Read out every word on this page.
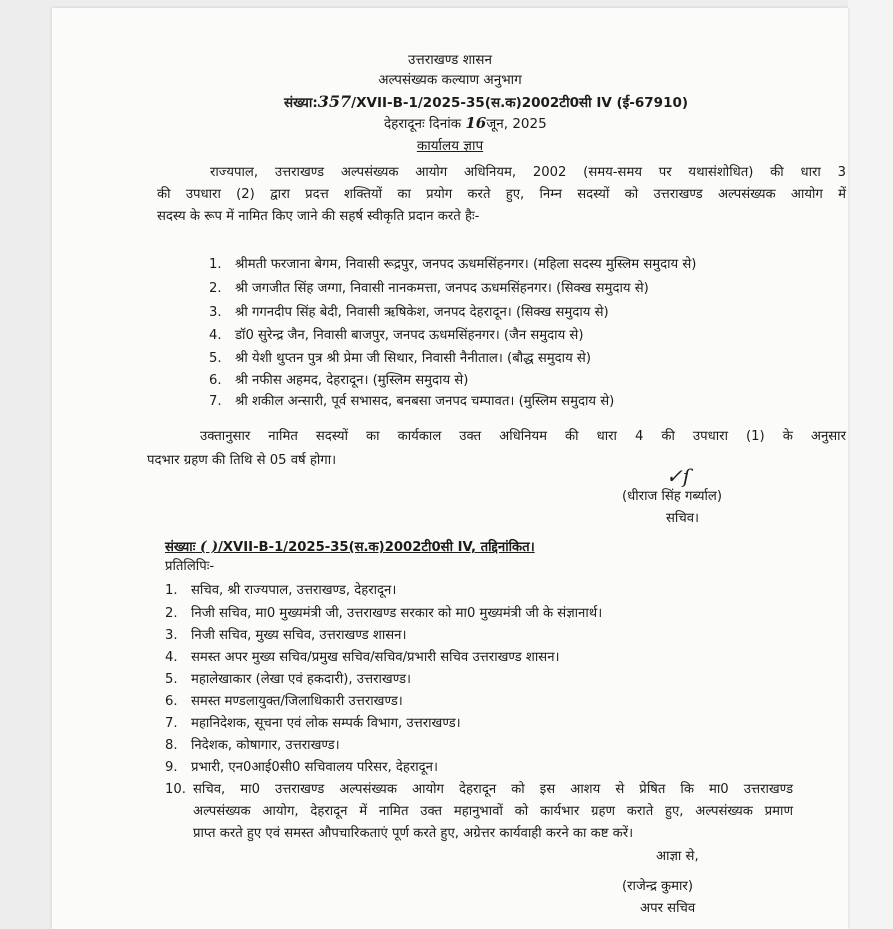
उत्तराखण्ड शासन
अल्पसंख्यक कल्याण अनुभाग
संख्या:357/XVII-B-1/2025-35(स.क)2002टी0सी IV (ई-67910)
देहरादूनः दिनांक 16जून, 2025
कार्यालय ज्ञाप
राज्यपाल, उत्तराखण्ड अल्पसंख्यक आयोग अधिनियम, 2002 (समय-समय पर यथासंशोधित) की धारा 3
की उपधारा (2) द्वारा प्रदत्त शक्तियों का प्रयोग करते हुए, निम्न सदस्यों को उत्तराखण्ड अल्पसंख्यक आयोग में
सदस्य के रूप में नामित किए जाने की सहर्ष स्वीकृति प्रदान करते हैः-
1. श्रीमती फरजाना बेगम, निवासी रूद्रपुर, जनपद ऊधमसिंहनगर। (महिला सदस्य मुस्लिम समुदाय से)
2. श्री जगजीत सिंह जग्गा, निवासी नानकमत्ता, जनपद ऊधमसिंहनगर। (सिक्ख समुदाय से)
3. श्री गगनदीप सिंह बेदी, निवासी ऋषिकेश, जनपद देहरादून। (सिक्ख समुदाय से)
4. डॉ0 सुरेन्द्र जैन, निवासी बाजपुर, जनपद ऊधमसिंहनगर। (जैन समुदाय से)
5. श्री येशी थुप्तन पुत्र श्री प्रेमा जी सिथार, निवासी नैनीताल। (बौद्ध समुदाय से)
6. श्री नफीस अहमद, देहरादून। (मुस्लिम समुदाय से)
7. श्री शकील अन्सारी, पूर्व सभासद, बनबसा जनपद चम्पावत। (मुस्लिम समुदाय से)
उक्तानुसार नामित सदस्यों का कार्यकाल उक्त अधिनियम की धारा 4 की उपधारा (1) के अनुसार
पदभार ग्रहण की तिथि से 05 वर्ष होगा।
✓ſ
(धीराज सिंह गर्ब्याल)
सचिव।
संख्याः ( )/XVII-B-1/2025-35(स.क)2002टी0सी IV, तद्दिनांकित।
प्रतिलिपिः-
1. सचिव, श्री राज्यपाल, उत्तराखण्ड, देहरादून।
2. निजी सचिव, मा0 मुख्यमंत्री जी, उत्तराखण्ड सरकार को मा0 मुख्यमंत्री जी के संज्ञानार्थ।
3. निजी सचिव, मुख्य सचिव, उत्तराखण्ड शासन।
4. समस्त अपर मुख्य सचिव/प्रमुख सचिव/सचिव/प्रभारी सचिव उत्तराखण्ड शासन।
5. महालेखाकार (लेखा एवं हकदारी), उत्तराखण्ड।
6. समस्त मण्डलायुक्त/जिलाधिकारी उत्तराखण्ड।
7. महानिदेशक, सूचना एवं लोक सम्पर्क विभाग, उत्तराखण्ड।
8. निदेशक, कोषागार, उत्तराखण्ड।
9. प्रभारी, एन0आई0सी0 सचिवालय परिसर, देहरादून।
10. सचिव, मा0 उत्तराखण्ड अल्पसंख्यक आयोग देहरादून को इस आशय से प्रेषित कि मा0 उत्तराखण्ड
अल्पसंख्यक आयोग, देहरादून में नामित उक्त महानुभावों को कार्यभार ग्रहण कराते हुए, अल्पसंख्यक प्रमाण
प्राप्त करते हुए एवं समस्त औपचारिकताएं पूर्ण करते हुए, अग्रेत्तर कार्यवाही करने का कष्ट करें।
आज्ञा से,
(राजेन्द्र कुमार)
अपर सचिव
